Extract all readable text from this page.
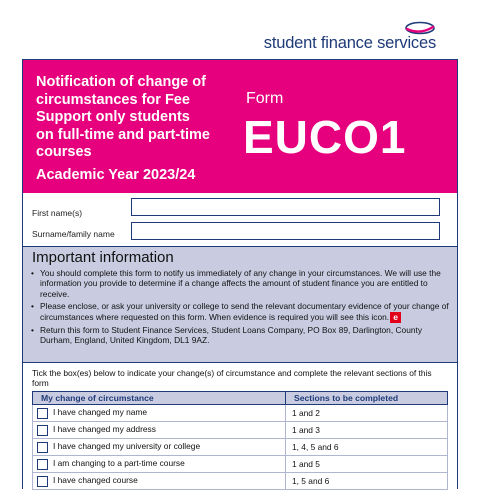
student finance services
Notification of change of
circumstances for Fee
Support only students
on full-time and part-time
courses
Academic Year 2023/24
Form
EUCO1
First name(s)
Surname/family name
Important information
• You should complete this form to notify us immediately of any change in your circumstances. We will use the information you provide to determine if a change affects the amount of student finance you are entitled to receive.
• Please enclose, or ask your university or college to send the relevant documentary evidence of your change of circumstances where requested on this form. When evidence is required you will see this icon. e
• Return this form to Student Finance Services, Student Loans Company, PO Box 89, Darlington, County Durham, England, United Kingdom, DL1 9AZ.
Tick the box(es) below to indicate your change(s) of circumstance and complete the relevant sections of this form
My change of circumstance	Sections to be completed
I have changed my name	1 and 2
I have changed my address	1 and 3
I have changed my university or college	1, 4, 5 and 6
I am changing to a part-time course	1 and 5
I have changed course	1, 5 and 6
